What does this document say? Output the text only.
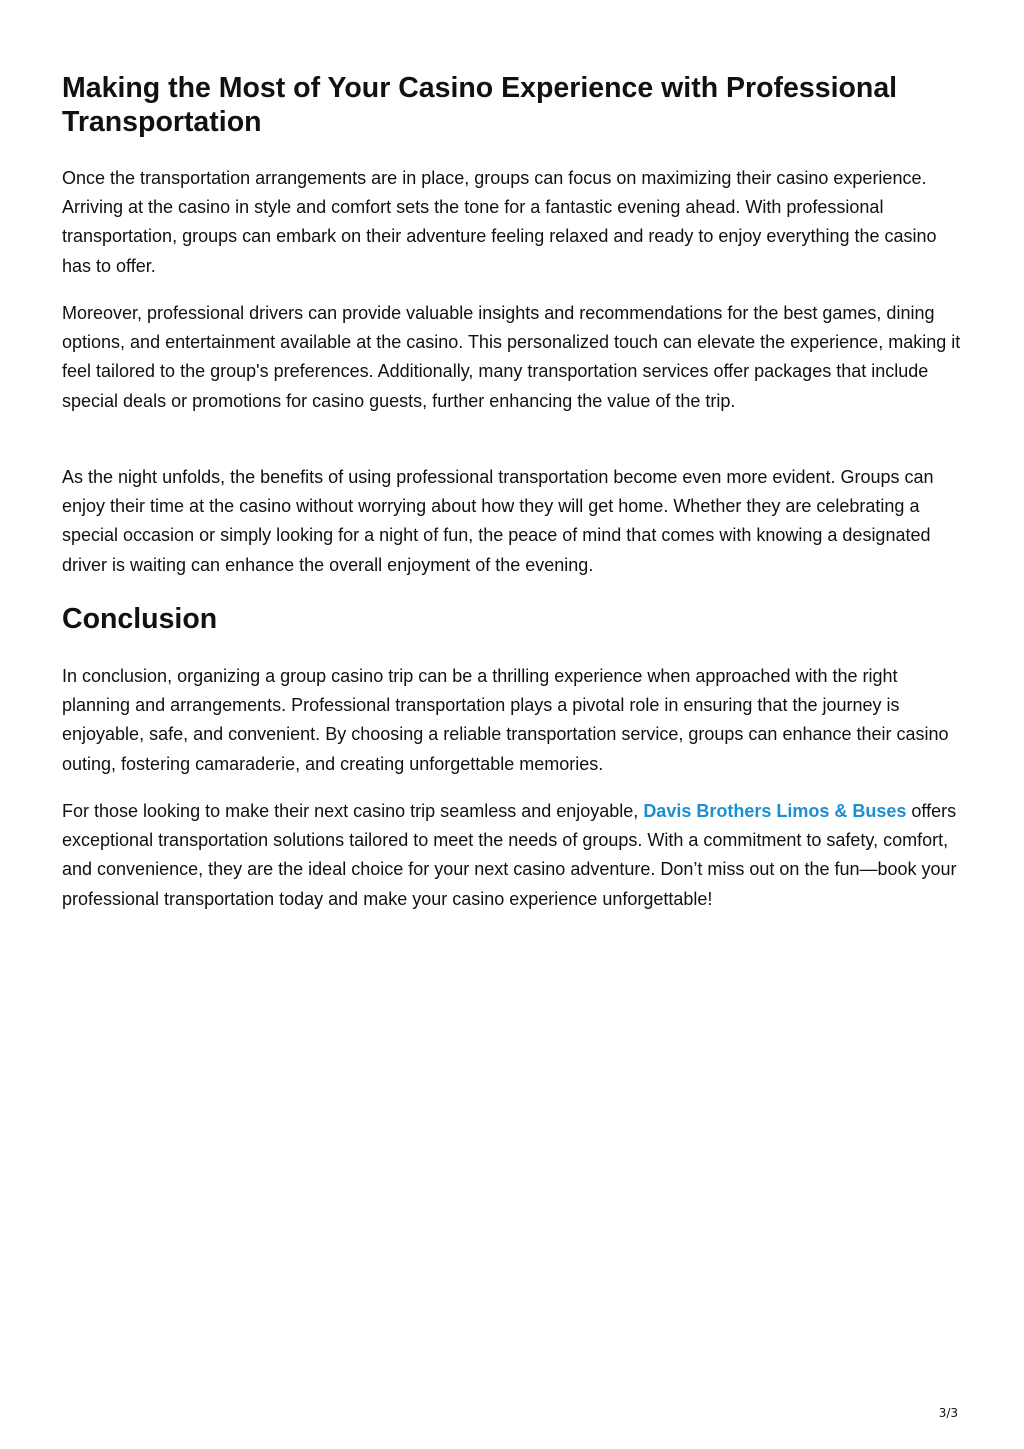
Making the Most of Your Casino Experience with Professional Transportation

Once the transportation arrangements are in place, groups can focus on maximizing their casino experience. Arriving at the casino in style and comfort sets the tone for a fantastic evening ahead. With professional transportation, groups can embark on their adventure feeling relaxed and ready to enjoy everything the casino has to offer.

Moreover, professional drivers can provide valuable insights and recommendations for the best games, dining options, and entertainment available at the casino. This personalized touch can elevate the experience, making it feel tailored to the group's preferences. Additionally, many transportation services offer packages that include special deals or promotions for casino guests, further enhancing the value of the trip.

As the night unfolds, the benefits of using professional transportation become even more evident. Groups can enjoy their time at the casino without worrying about how they will get home. Whether they are celebrating a special occasion or simply looking for a night of fun, the peace of mind that comes with knowing a designated driver is waiting can enhance the overall enjoyment of the evening.

Conclusion

In conclusion, organizing a group casino trip can be a thrilling experience when approached with the right planning and arrangements. Professional transportation plays a pivotal role in ensuring that the journey is enjoyable, safe, and convenient. By choosing a reliable transportation service, groups can enhance their casino outing, fostering camaraderie, and creating unforgettable memories.

For those looking to make their next casino trip seamless and enjoyable, Davis Brothers Limos & Buses offers exceptional transportation solutions tailored to meet the needs of groups. With a commitment to safety, comfort, and convenience, they are the ideal choice for your next casino adventure. Don’t miss out on the fun—book your professional transportation today and make your casino experience unforgettable!

3/3
